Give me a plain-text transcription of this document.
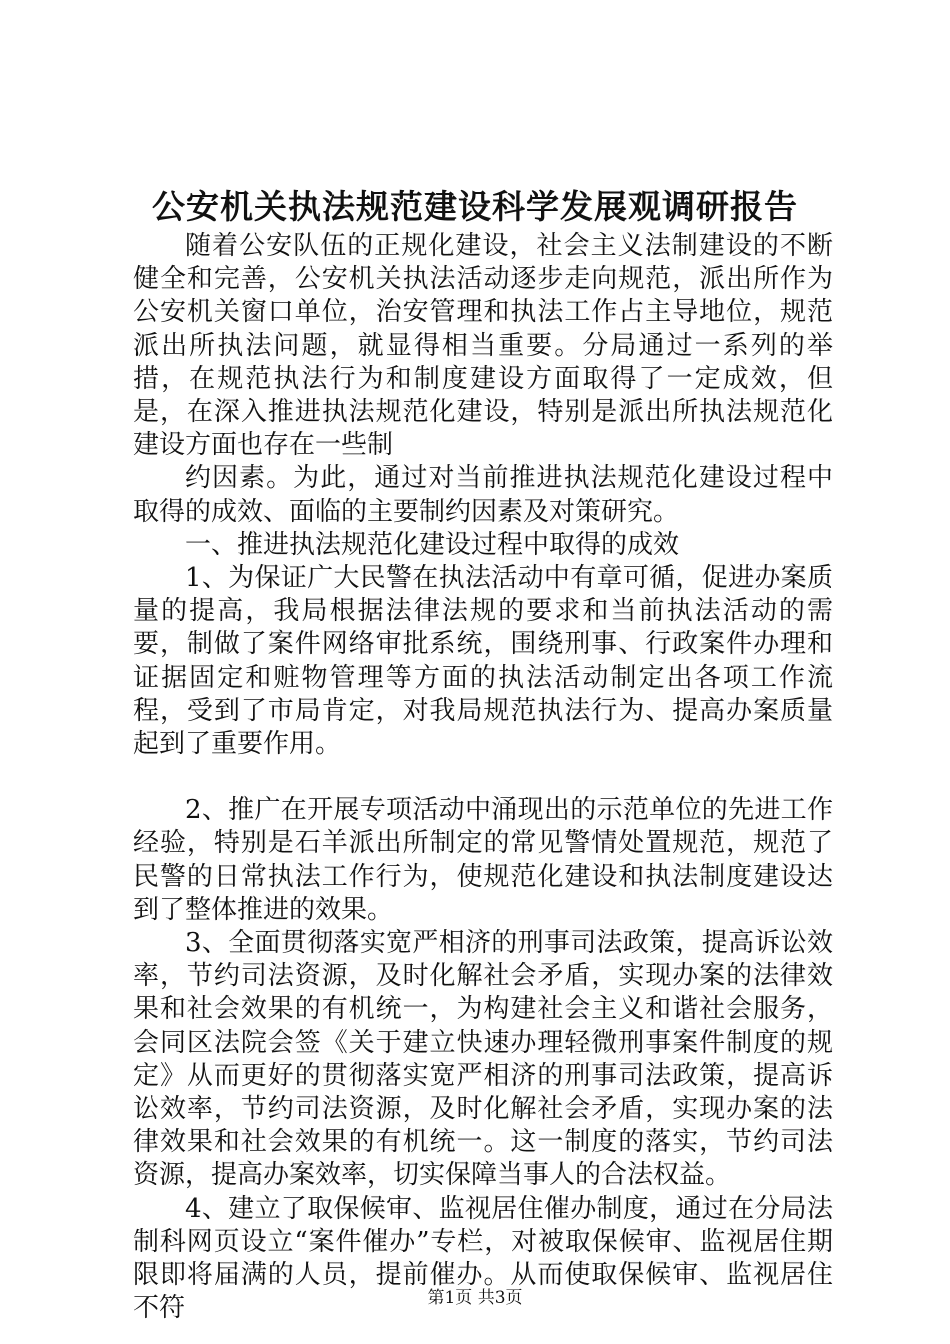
公安机关执法规范建设科学发展观调研报告

随着公安队伍的正规化建设，社会主义法制建设的不断健全和完善，公安机关执法活动逐步走向规范，派出所作为公安机关窗口单位，治安管理和执法工作占主导地位，规范派出所执法问题，就显得相当重要。分局通过一系列的举措，在规范执法行为和制度建设方面取得了一定成效，但是，在深入推进执法规范化建设，特别是派出所执法规范化建设方面也存在一些制

约因素。为此，通过对当前推进执法规范化建设过程中取得的成效、面临的主要制约因素及对策研究。

一、推进执法规范化建设过程中取得的成效

1、为保证广大民警在执法活动中有章可循，促进办案质量的提高，我局根据法律法规的要求和当前执法活动的需要，制做了案件网络审批系统，围绕刑事、行政案件办理和证据固定和赃物管理等方面的执法活动制定出各项工作流程，受到了市局肯定，对我局规范执法行为、提高办案质量起到了重要作用。

2、推广在开展专项活动中涌现出的示范单位的先进工作经验，特别是石羊派出所制定的常见警情处置规范，规范了民警的日常执法工作行为，使规范化建设和执法制度建设达到了整体推进的效果。

3、全面贯彻落实宽严相济的刑事司法政策，提高诉讼效率，节约司法资源，及时化解社会矛盾，实现办案的法律效果和社会效果的有机统一，为构建社会主义和谐社会服务，会同区法院会签《关于建立快速办理轻微刑事案件制度的规定》从而更好的贯彻落实宽严相济的刑事司法政策，提高诉讼效率，节约司法资源，及时化解社会矛盾，实现办案的法律效果和社会效果的有机统一。这一制度的落实，节约司法资源，提高办案效率，切实保障当事人的合法权益。

4、建立了取保候审、监视居住催办制度，通过在分局法制科网页设立“案件催办”专栏，对被取保候审、监视居住期限即将届满的人员，提前催办。从而使取保候审、监视居住不符	第1页 共3页
